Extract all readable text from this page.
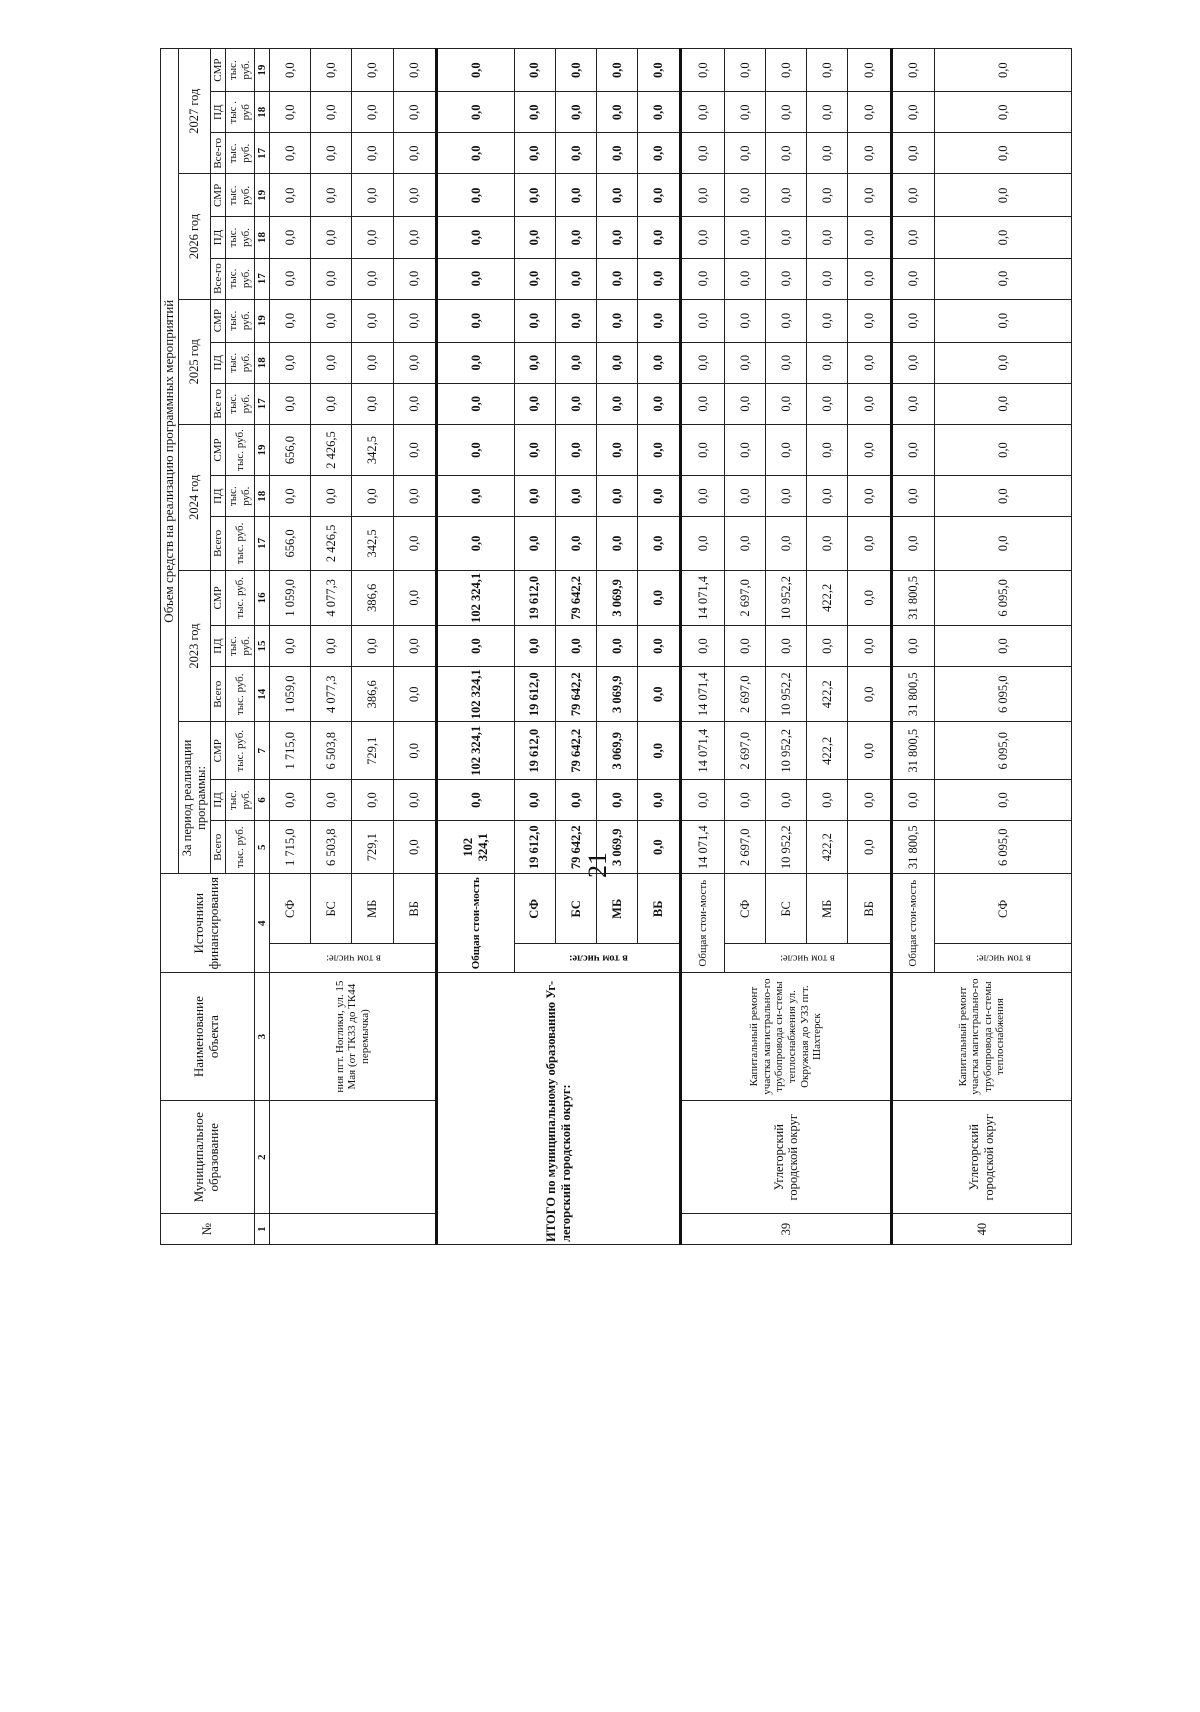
21
№	Муниципальное образование	Наименование объекта	Источники финансирования		Объем средств на реализацию программных мероприятий																	
					За период реализации программы:			2023 год			2024 год			2025 год			2026 год			2027 год		
					Всего	ПД	СМР	Всего	ПД	СМР	Всего	ПД	СМР	Все го	ПД	СМР	Все-го	ПД	СМР	Все-го	ПД	СМР
					тыс. руб.	тыс. руб.	тыс. руб.	тыс. руб.	тыс. руб.	тыс. руб.	тыс. руб.	тыс. руб.	тыс. руб.	тыс. руб.	тыс. руб.	тыс. руб.	тыс. руб.	тыс. руб.	тыс. руб.	тыс. руб.	тыс . руб	тыс. руб.
1	2	3	4		5	6	7	14	15	16	17	18	19	17	18	19	17	18	19	17	18	19
		ния пгт. Ноглики, ул. 15 Мая (от ТК33 до ТК44 перемычка)	в том числе:	СФ	1 715,0	0,0	1 715,0	1 059,0	0,0	1 059,0	656,0	0,0	656,0	0,0	0,0	0,0	0,0	0,0	0,0	0,0	0,0	0,0
				БС	6 503,8	0,0	6 503,8	4 077,3	0,0	4 077,3	2 426,5	0,0	2 426,5	0,0	0,0	0,0	0,0	0,0	0,0	0,0	0,0	0,0
				МБ	729,1	0,0	729,1	386,6	0,0	386,6	342,5	0,0	342,5	0,0	0,0	0,0	0,0	0,0	0,0	0,0	0,0	0,0
				ВБ	0,0	0,0	0,0	0,0	0,0	0,0	0,0	0,0	0,0	0,0	0,0	0,0	0,0	0,0	0,0	0,0	0,0	0,0
ИТОГО по муниципальному образованию Уг-легорский городской округ:			Общая стои-мость		102 324,1	0,0	102 324,1	102 324,1	0,0	102 324,1	0,0	0,0	0,0	0,0	0,0	0,0	0,0	0,0	0,0	0,0	0,0	0,0
			в том числе:	СФ	19 612,0	0,0	19 612,0	19 612,0	0,0	19 612,0	0,0	0,0	0,0	0,0	0,0	0,0	0,0	0,0	0,0	0,0	0,0	0,0
				БС	79 642,2	0,0	79 642,2	79 642,2	0,0	79 642,2	0,0	0,0	0,0	0,0	0,0	0,0	0,0	0,0	0,0	0,0	0,0	0,0
				МБ	3 069,9	0,0	3 069,9	3 069,9	0,0	3 069,9	0,0	0,0	0,0	0,0	0,0	0,0	0,0	0,0	0,0	0,0	0,0	0,0
				ВБ	0,0	0,0	0,0	0,0	0,0	0,0	0,0	0,0	0,0	0,0	0,0	0,0	0,0	0,0	0,0	0,0	0,0	0,0
39	Углегорский городской округ	Капитальный ремонт участка магистрально-го трубопровода си-стемы теплоснабжения ул. Окружная до УЗ3 пгт. Шахтерск	Общая стои-мость		14 071,4	0,0	14 071,4	14 071,4	0,0	14 071,4	0,0	0,0	0,0	0,0	0,0	0,0	0,0	0,0	0,0	0,0	0,0	0,0
			в том числе:	СФ	2 697,0	0,0	2 697,0	2 697,0	0,0	2 697,0	0,0	0,0	0,0	0,0	0,0	0,0	0,0	0,0	0,0	0,0	0,0	0,0
				БС	10 952,2	0,0	10 952,2	10 952,2	0,0	10 952,2	0,0	0,0	0,0	0,0	0,0	0,0	0,0	0,0	0,0	0,0	0,0	0,0
				МБ	422,2	0,0	422,2	422,2	0,0	422,2	0,0	0,0	0,0	0,0	0,0	0,0	0,0	0,0	0,0	0,0	0,0	0,0
				ВБ	0,0	0,0	0,0	0,0	0,0	0,0	0,0	0,0	0,0	0,0	0,0	0,0	0,0	0,0	0,0	0,0	0,0	0,0
40	Углегорский городской округ	Капитальный ремонт участка магистрально-го трубопровода си-стемы теплоснабжения	Общая стои-мость		31 800,5	0,0	31 800,5	31 800,5	0,0	31 800,5	0,0	0,0	0,0	0,0	0,0	0,0	0,0	0,0	0,0	0,0	0,0	0,0
			в том числе:	СФ	6 095,0	0,0	6 095,0	6 095,0	0,0	6 095,0	0,0	0,0	0,0	0,0	0,0	0,0	0,0	0,0	0,0	0,0	0,0	0,0
